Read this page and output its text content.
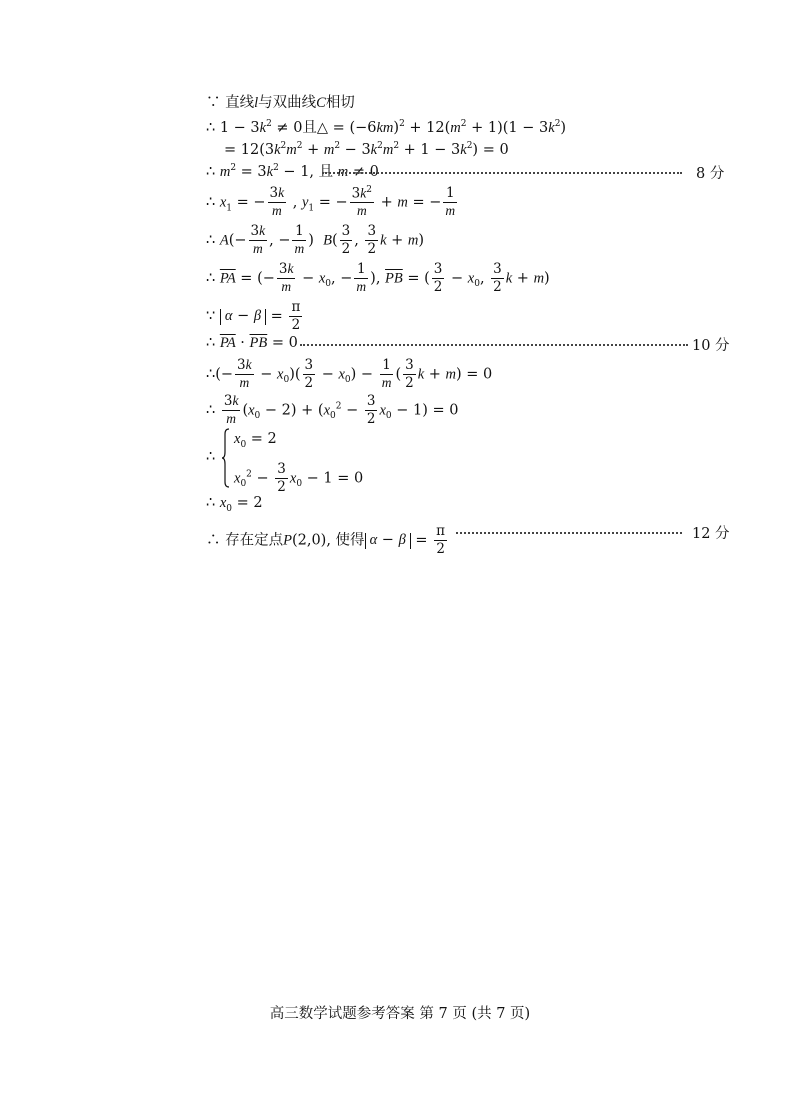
∵ 直线l与双曲线C相切
∴ $1 - 3k^2 \ne 0$且△ = $(-6km)^2 + 12(m^2 + 1)(1 - 3k^2)$
= $12(3k^2m^2 + m^2 - 3k^2m^2 + 1 - 3k^2) = 0$
∴ $m^2 = 3k^2 - 1$, 且 m ≠ 0	8 分
∴ $x_1$ = − $\frac{3k}{m}$ , $y_1$ = − $\frac{3k^2}{m} + m$ = − $\frac{1}{m}$
∴ $A(- \frac{3k}{m}$ , − $\frac{1}{m}$ )  $B( \frac{3}{2}$ , $\frac{3}{2}$ k + m)
∴ $\overline{PA}$ = (− $\frac{3k}{m} - x_0$, − $\frac{1}{m}$ ), $\overline{PB}$ = ( $\frac{3}{2} - x_0$, $\frac{3}{2}$ k + m)
∵ $\alpha - \beta = \frac{\pi}{2}$
∴ $\overline{PA} \cdot \overline{PB} = 0$	10 分
∴(− $\frac{3k}{m} - x_0)( \frac{3}{2} - x_0) - \frac{1}{m}$ ( $\frac{3}{2}$ k + m) = 0
∴ $\frac{3k}{m} (x_0 - 2) + (x_0^2 - \frac{3}{2} x_0 - 1) = 0$
∴
$x_0 = 2$
$x_0^2 - \frac{3}{2} x_0 - 1 = 0$
∴ $x_0 = 2$
∴ 存在定点P(2,0), 使得 $\alpha - \beta = \frac{\pi}{2}$	12 分
高三数学试题参考答案 第 7 页 (共 7 页)
